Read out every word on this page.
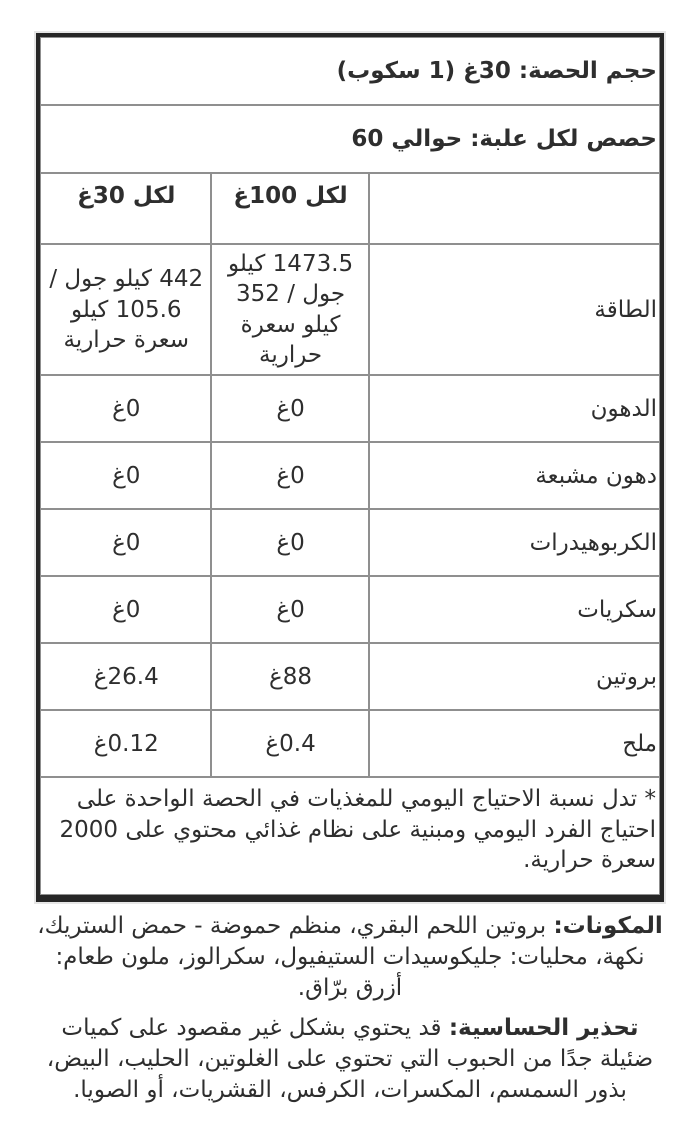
حجم الحصة: 30غ (1 سكوب)		
حصص لكل علبة: حوالي 60		
	لكل 100غ	لكل 30غ
الطاقة	1473.5 كيلو جول / 352 كيلو سعرة حرارية	442 كيلو جول / 105.6 كيلو سعرة حرارية
الدهون	0غ	0غ
دهون مشبعة	0غ	0غ
الكربوهيدرات	0غ	0غ
سكريات	0غ	0غ
بروتين	88غ	26.4غ
ملح	0.4غ	0.12غ
* تدل نسبة الاحتياج اليومي للمغذيات في الحصة الواحدة على احتياج الفرد اليومي ومبنية على نظام غذائي محتوي على 2000 سعرة حرارية.		

المكونات: بروتين اللحم البقري، منظم حموضة - حمض الستريك، نكهة، محليات: جليكوسيدات الستيفيول، سكرالوز، ملون طعام: أزرق برّاق.

تحذير الحساسية: قد يحتوي بشكل غير مقصود على كميات ضئيلة جدًا من الحبوب التي تحتوي على الغلوتين، الحليب، البيض، بذور السمسم، المكسرات، الكرفس، القشريات، أو الصويا.
